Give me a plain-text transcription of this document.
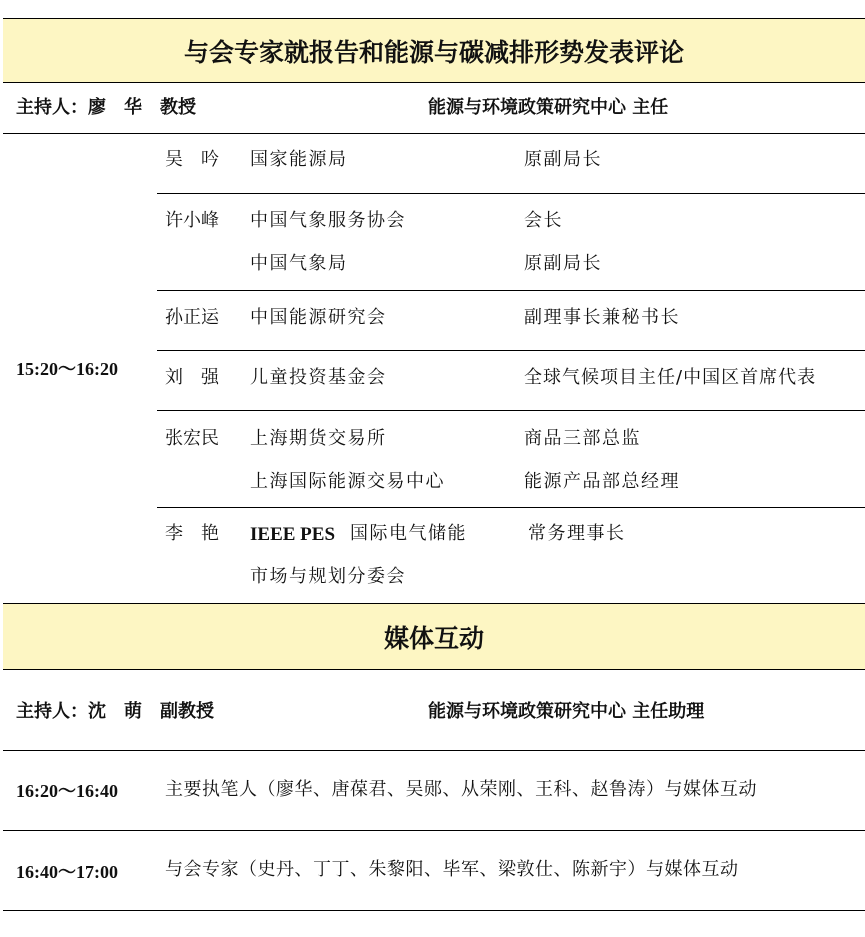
与会专家就报告和能源与碳减排形势发表评论
主持人：廖　华　教授	能源与环境政策研究中心 主任
15:20～16:20
吴　吟 国家能源局	原副局长
许小峰 中国气象服务协会	会长
中国气象局	原副局长
孙正运 中国能源研究会	副理事长兼秘书长
刘　强 儿童投资基金会	全球气候项目主任/中国区首席代表
张宏民 上海期货交易所	商品三部总监
上海国际能源交易中心	能源产品部总经理
李　艳 IEEE PES 国际电气储能	常务理事长
市场与规划分委会
媒体互动
主持人：沈　萌　副教授	能源与环境政策研究中心 主任助理
16:20～16:40	主要执笔人（廖华、唐葆君、吴郧、从荣刚、王科、赵鲁涛）与媒体互动
16:40～17:00	与会专家（史丹、丁丁、朱黎阳、毕军、梁敦仕、陈新宇）与媒体互动
